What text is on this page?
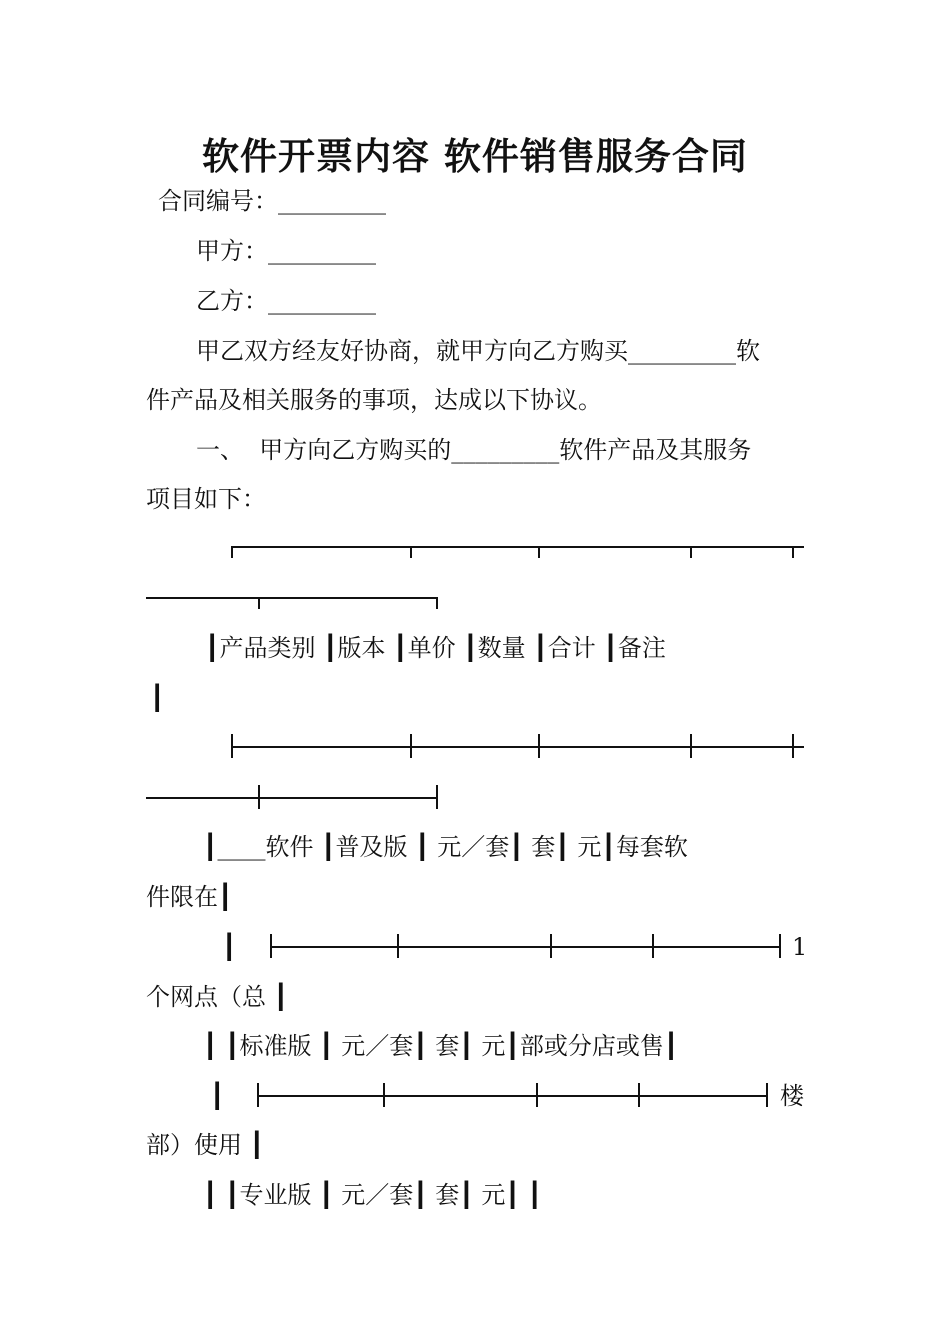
软件开票内容 软件销售服务合同
合同编号：_________
甲方：_________
乙方：_________
甲乙双方经友好协商，就甲方向乙方购买_________软
件产品及相关服务的事项，达成以下协议。
一、  甲方向乙方购买的_________软件产品及其服务
项目如下：
┃产品类别 ┃版本 ┃单价 ┃数量 ┃合计 ┃备注
┃
┃____软件 ┃普及版 ┃ 元／套┃ 套┃ 元┃每套软
件限在┃
┃	1
个网点（总 ┃
┃ ┃标准版 ┃ 元／套┃ 套┃ 元┃部或分店或售┃
┃	楼
部）使用 ┃
┃ ┃专业版 ┃ 元／套┃ 套┃ 元┃ ┃
